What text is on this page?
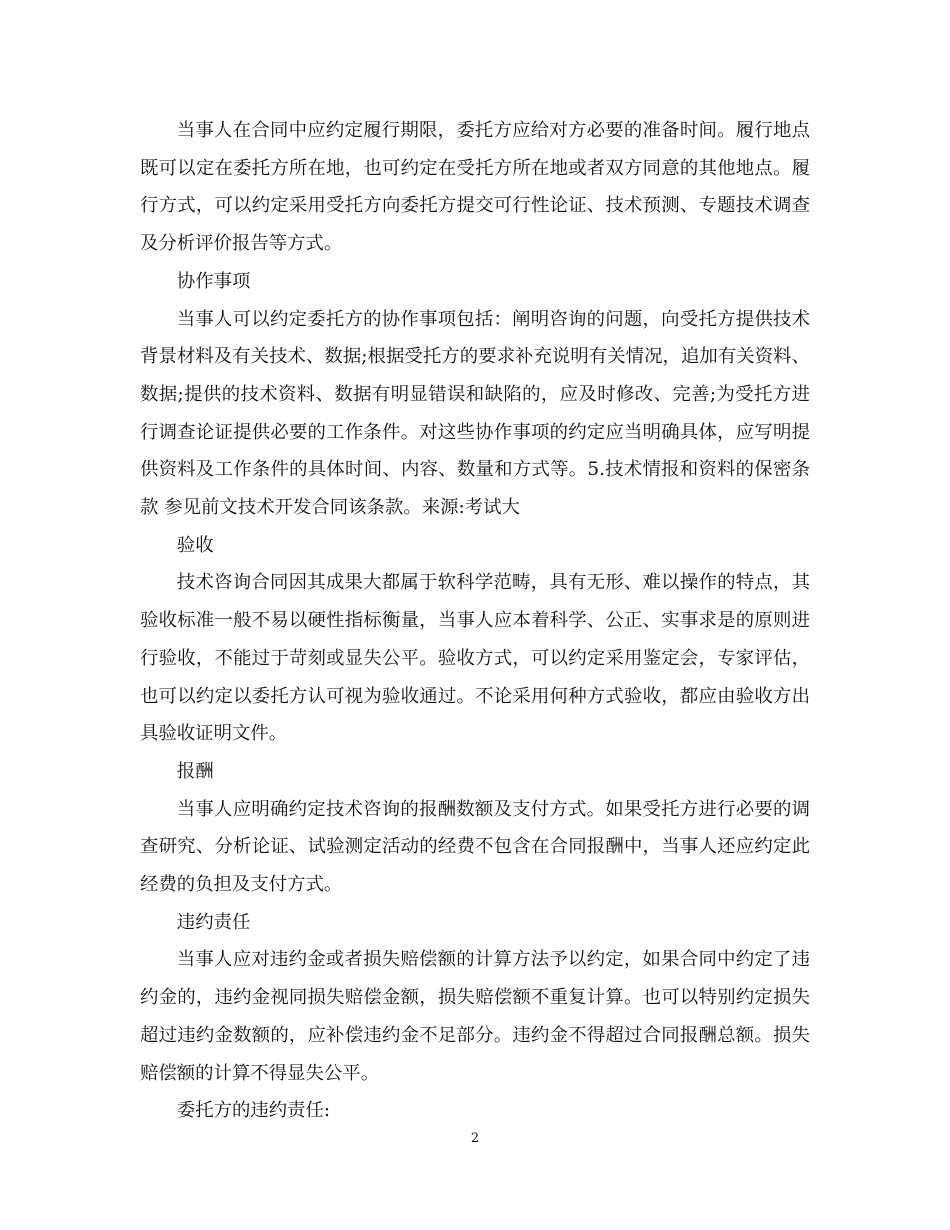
当事人在合同中应约定履行期限，委托方应给对方必要的准备时间。履行地点既可以定在委托方所在地，也可约定在受托方所在地或者双方同意的其他地点。履行方式，可以约定采用受托方向委托方提交可行性论证、技术预测、专题技术调查及分析评价报告等方式。

协作事项

当事人可以约定委托方的协作事项包括：阐明咨询的问题，向受托方提供技术背景材料及有关技术、数据;根据受托方的要求补充说明有关情况，追加有关资料、数据;提供的技术资料、数据有明显错误和缺陷的，应及时修改、完善;为受托方进行调查论证提供必要的工作条件。对这些协作事项的约定应当明确具体，应写明提供资料及工作条件的具体时间、内容、数量和方式等。5.技术情报和资料的保密条款 参见前文技术开发合同该条款。来源:考试大

验收

技术咨询合同因其成果大都属于软科学范畴，具有无形、难以操作的特点，其验收标准一般不易以硬性指标衡量，当事人应本着科学、公正、实事求是的原则进行验收，不能过于苛刻或显失公平。验收方式，可以约定采用鉴定会，专家评估，也可以约定以委托方认可视为验收通过。不论采用何种方式验收，都应由验收方出具验收证明文件。

报酬

当事人应明确约定技术咨询的报酬数额及支付方式。如果受托方进行必要的调查研究、分析论证、试验测定活动的经费不包含在合同报酬中，当事人还应约定此经费的负担及支付方式。

违约责任

当事人应对违约金或者损失赔偿额的计算方法予以约定，如果合同中约定了违约金的，违约金视同损失赔偿金额，损失赔偿额不重复计算。也可以特别约定损失超过违约金数额的，应补偿违约金不足部分。违约金不得超过合同报酬总额。损失赔偿额的计算不得显失公平。

委托方的违约责任:

2
